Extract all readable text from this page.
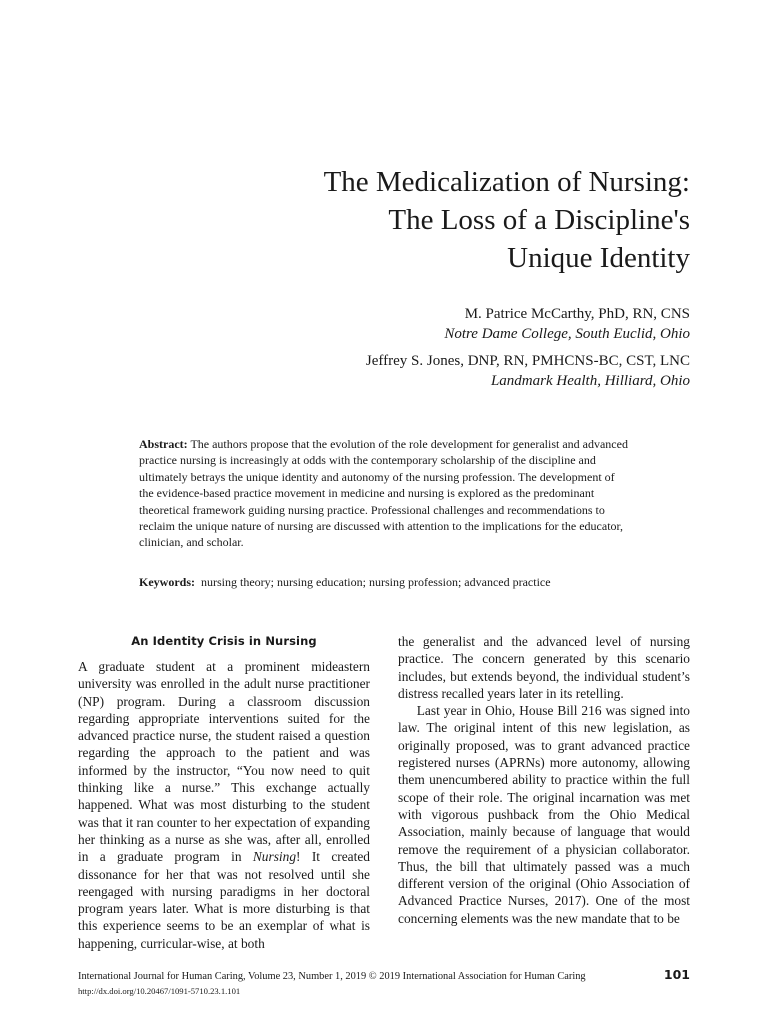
The Medicalization of Nursing:
The Loss of a Discipline's
Unique Identity
M. Patrice McCarthy, PhD, RN, CNS
Notre Dame College, South Euclid, Ohio
Jeffrey S. Jones, DNP, RN, PMHCNS-BC, CST, LNC
Landmark Health, Hilliard, Ohio
Abstract: The authors propose that the evolution of the role development for generalist and advanced practice nursing is increasingly at odds with the contemporary scholarship of the discipline and ultimately betrays the unique identity and autonomy of the nursing profession. The development of the evidence-based practice movement in medicine and nursing is explored as the predominant theoretical framework guiding nursing practice. Professional challenges and recommendations to reclaim the unique nature of nursing are discussed with attention to the implications for the educator, clinician, and scholar.
Keywords:  nursing theory; nursing education; nursing profession; advanced practice
An Identity Crisis in Nursing

A graduate student at a prominent mideastern university was enrolled in the adult nurse practitioner (NP) program. During a classroom discussion regarding appropriate interventions suited for the advanced practice nurse, the student raised a question regarding the approach to the patient and was informed by the instructor, “You now need to quit thinking like a nurse.” This exchange actually happened. What was most disturbing to the student was that it ran counter to her expectation of expanding her thinking as a nurse as she was, after all, enrolled in a graduate program in Nursing! It created dissonance for her that was not resolved until she reengaged with nursing paradigms in her doctoral program years later. What is more disturbing is that this experience seems to be an exemplar of what is happening, curricular-wise, at both

the generalist and the advanced level of nursing practice. The concern generated by this scenario includes, but extends beyond, the individual student’s distress recalled years later in its retelling.

Last year in Ohio, House Bill 216 was signed into law. The original intent of this new legislation, as originally proposed, was to grant advanced practice registered nurses (APRNs) more autonomy, allowing them unencumbered ability to practice within the full scope of their role. The original incarnation was met with vigorous pushback from the Ohio Medical Association, mainly because of language that would remove the requirement of a physician collaborator. Thus, the bill that ultimately passed was a much different version of the original (Ohio Association of Advanced Practice Nurses, 2017). One of the most concerning elements was the new mandate that to be

International Journal for Human Caring, Volume 23, Number 1, 2019 © 2019 International Association for Human Caring	101
http://dx.doi.org/10.20467/1091-5710.23.1.101
